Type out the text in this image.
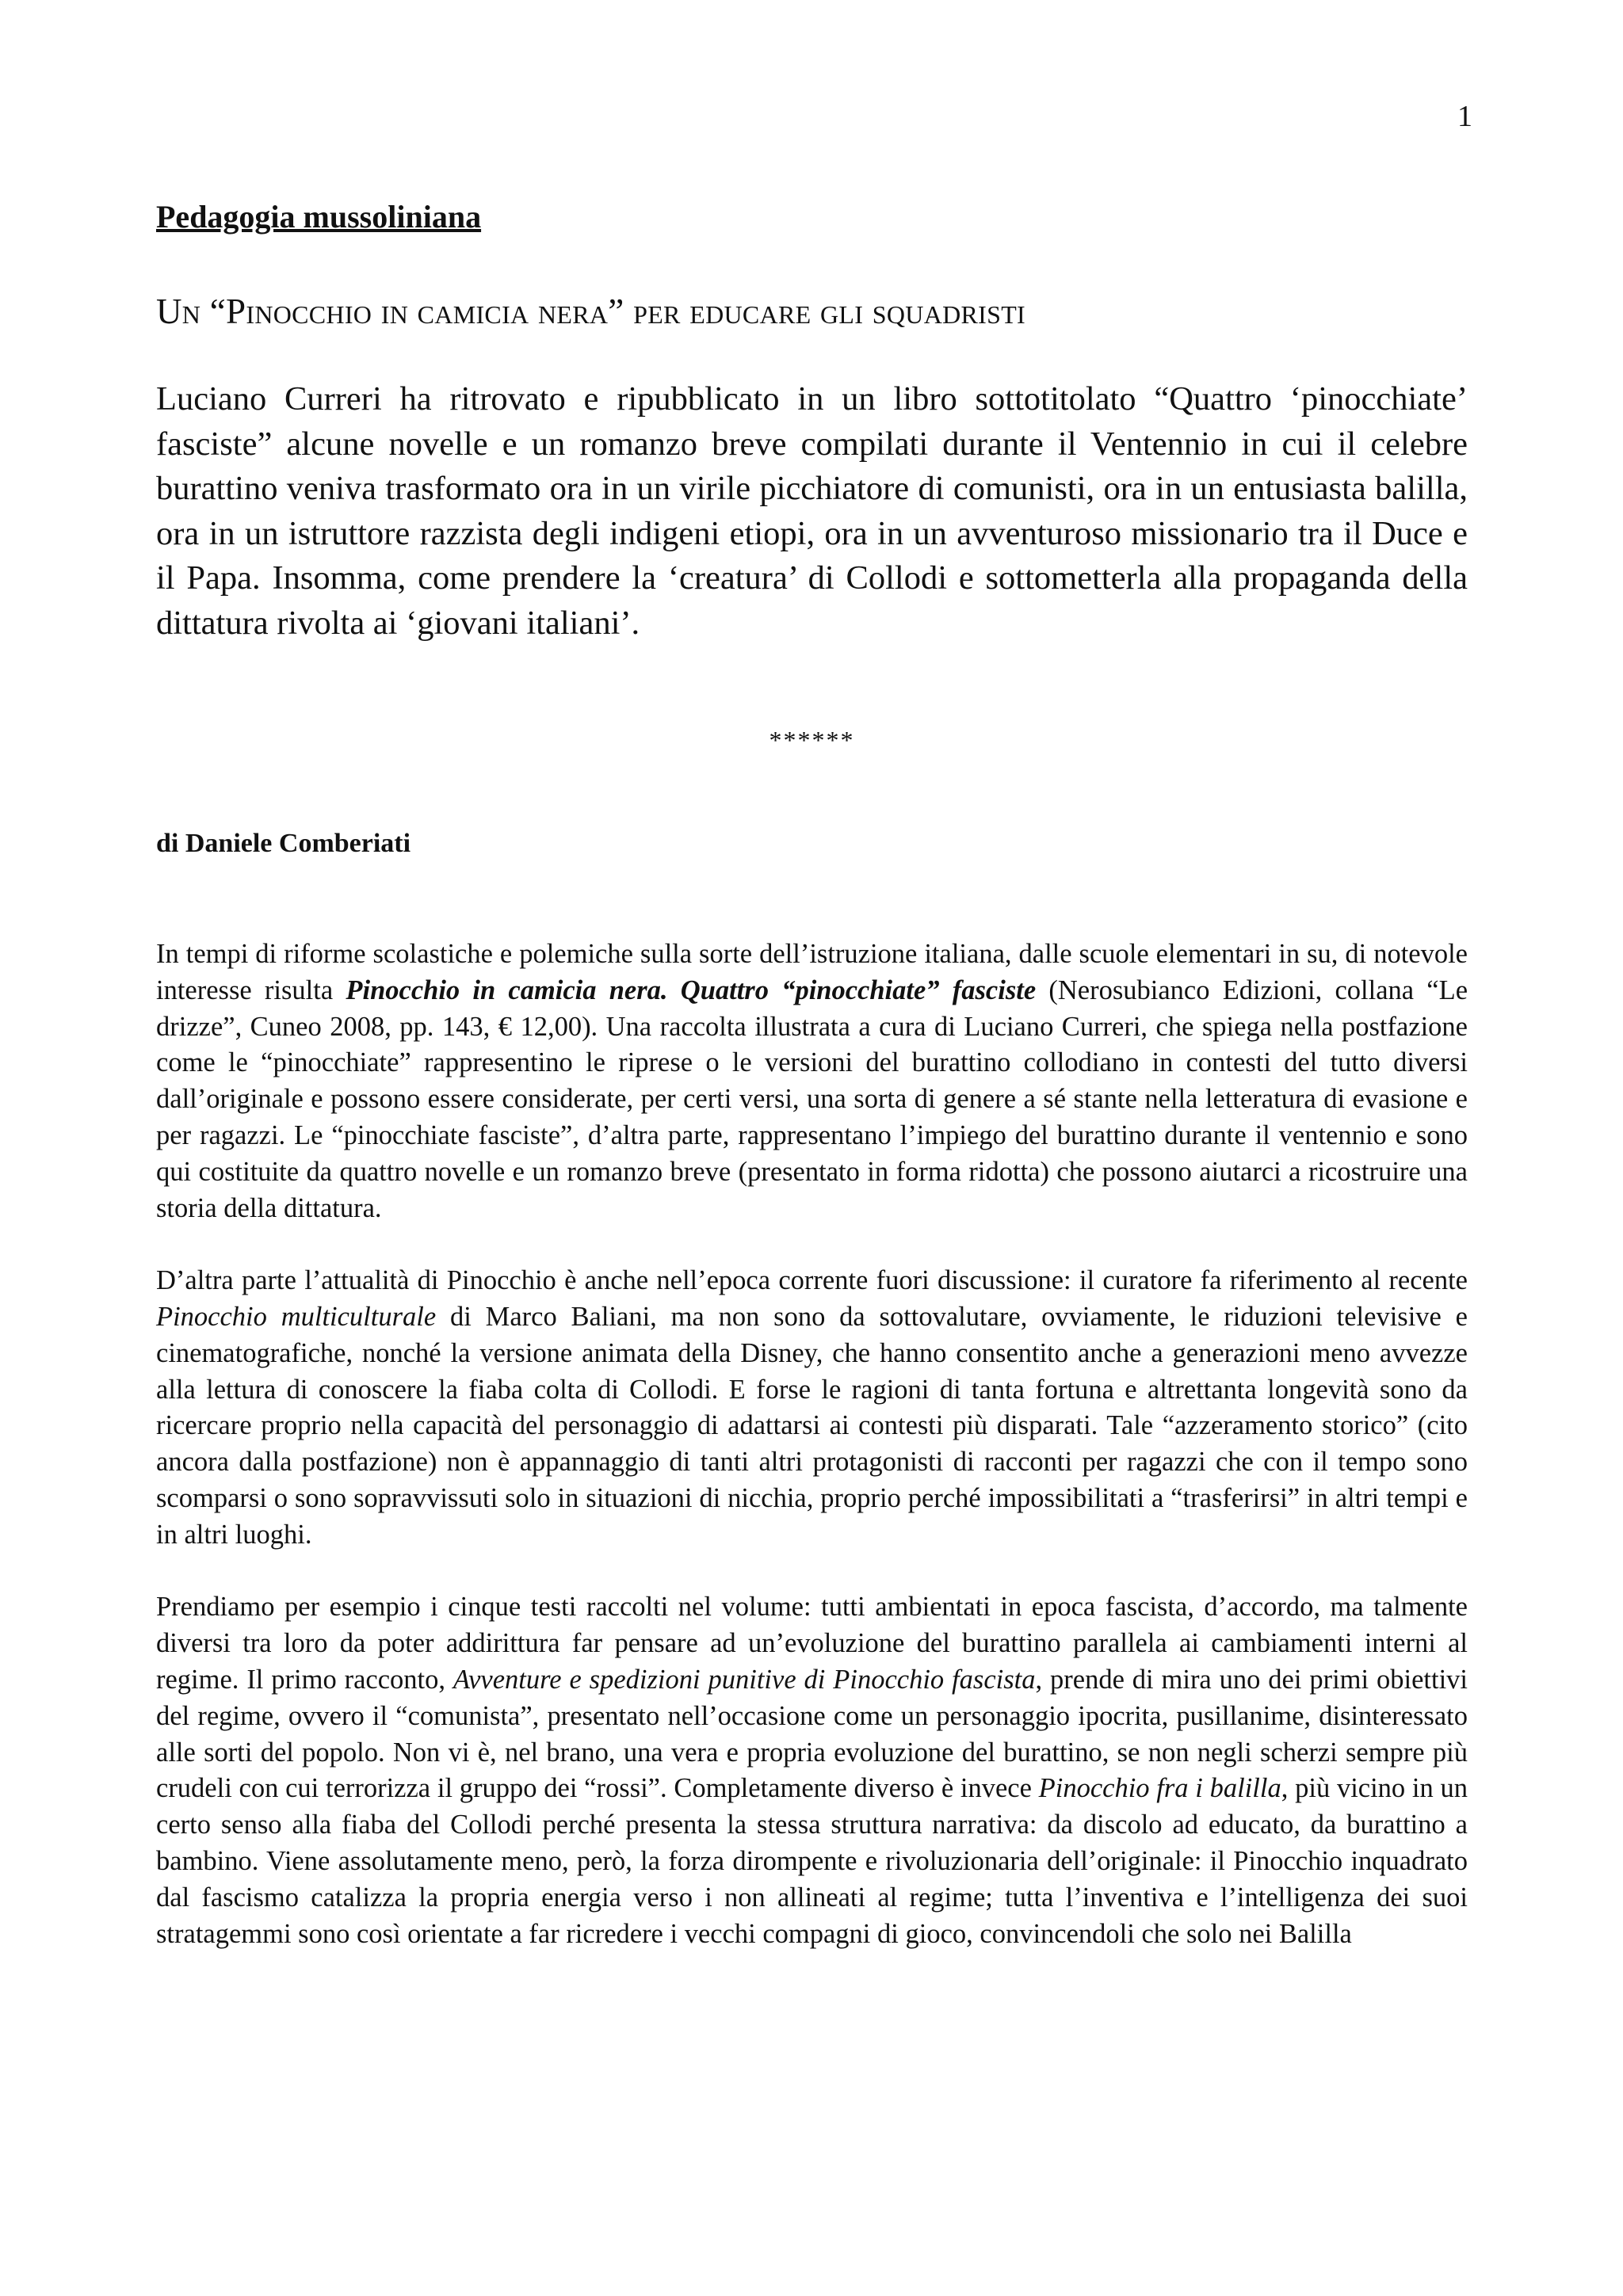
1
Pedagogia mussoliniana
Un “Pinocchio in camicia nera” per educare gli squadristi
Luciano Curreri ha ritrovato e ripubblicato in un libro sottotitolato “Quattro ‘pinocchiate’ fasciste” alcune novelle e un romanzo breve compilati durante il Ventennio in cui il celebre burattino veniva trasformato ora in un virile picchiatore di comunisti, ora in un entusiasta balilla, ora in un istruttore razzista degli indigeni etiopi, ora in un avventuroso missionario tra il Duce e il Papa. Insomma, come prendere la ‘creatura’ di Collodi e sottometterla alla propaganda della dittatura rivolta ai ‘giovani italiani’.
******
di Daniele Comberiati

In tempi di riforme scolastiche e polemiche sulla sorte dell’istruzione italiana, dalle scuole elementari in su, di notevole interesse risulta Pinocchio in camicia nera. Quattro “pinocchiate” fasciste (Nerosubianco Edizioni, collana “Le drizze”, Cuneo 2008, pp. 143, € 12,00). Una raccolta illustrata a cura di Luciano Curreri, che spiega nella postfazione come le “pinocchiate” rappresentino le riprese o le versioni del burattino collodiano in contesti del tutto diversi dall’originale e possono essere considerate, per certi versi, una sorta di genere a sé stante nella letteratura di evasione e per ragazzi. Le “pinocchiate fasciste”, d’altra parte, rappresentano l’impiego del burattino durante il ventennio e sono qui costituite da quattro novelle e un romanzo breve (presentato in forma ridotta) che possono aiutarci a ricostruire una storia della dittatura.

D’altra parte l’attualità di Pinocchio è anche nell’epoca corrente fuori discussione: il curatore fa riferimento al recente Pinocchio multiculturale di Marco Baliani, ma non sono da sottovalutare, ovviamente, le riduzioni televisive e cinematografiche, nonché la versione animata della Disney, che hanno consentito anche a generazioni meno avvezze alla lettura di conoscere la fiaba colta di Collodi. E forse le ragioni di tanta fortuna e altrettanta longevità sono da ricercare proprio nella capacità del personaggio di adattarsi ai contesti più disparati. Tale “azzeramento storico” (cito ancora dalla postfazione) non è appannaggio di tanti altri protagonisti di racconti per ragazzi che con il tempo sono scomparsi o sono sopravvissuti solo in situazioni di nicchia, proprio perché impossibilitati a “trasferirsi” in altri tempi e in altri luoghi.

Prendiamo per esempio i cinque testi raccolti nel volume: tutti ambientati in epoca fascista, d’accordo, ma talmente diversi tra loro da poter addirittura far pensare ad un’evoluzione del burattino parallela ai cambiamenti interni al regime. Il primo racconto, Avventure e spedizioni punitive di Pinocchio fascista, prende di mira uno dei primi obiettivi del regime, ovvero il “comunista”, presentato nell’occasione come un personaggio ipocrita, pusillanime, disinteressato alle sorti del popolo. Non vi è, nel brano, una vera e propria evoluzione del burattino, se non negli scherzi sempre più crudeli con cui terrorizza il gruppo dei “rossi”. Completamente diverso è invece Pinocchio fra i balilla, più vicino in un certo senso alla fiaba del Collodi perché presenta la stessa struttura narrativa: da discolo ad educato, da burattino a bambino. Viene assolutamente meno, però, la forza dirompente e rivoluzionaria dell’originale: il Pinocchio inquadrato dal fascismo catalizza la propria energia verso i non allineati al regime; tutta l’inventiva e l’intelligenza dei suoi stratagemmi sono così orientate a far ricredere i vecchi compagni di gioco, convincendoli che solo nei Balilla
